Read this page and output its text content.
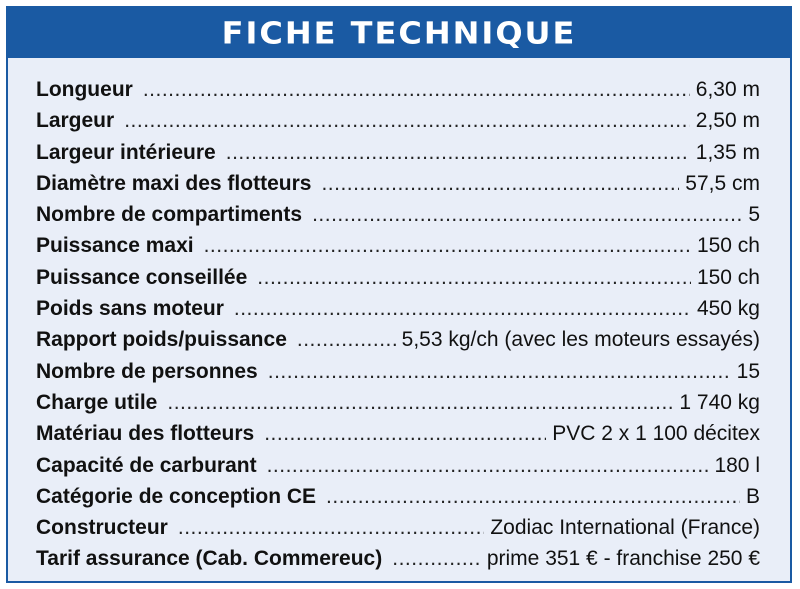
FICHE TECHNIQUE
Longueur .....	6,30 m
Largeur .....	2,50 m
Largeur intérieure .....	1,35 m
Diamètre maxi des flotteurs .....	57,5 cm
Nombre de compartiments .....	5
Puissance maxi .....	150 ch
Puissance conseillée .....	150 ch
Poids sans moteur .....	450 kg
Rapport poids/puissance .....	5,53 kg/ch (avec les moteurs essayés)
Nombre de personnes .....	15
Charge utile .....	1 740 kg
Matériau des flotteurs .....	PVC 2 x 1 100 décitex
Capacité de carburant .....	180 l
Catégorie de conception CE .....	B
Constructeur .....	Zodiac International (France)
Tarif assurance (Cab. Commereuc) .....	prime 351 € - franchise 250 €
